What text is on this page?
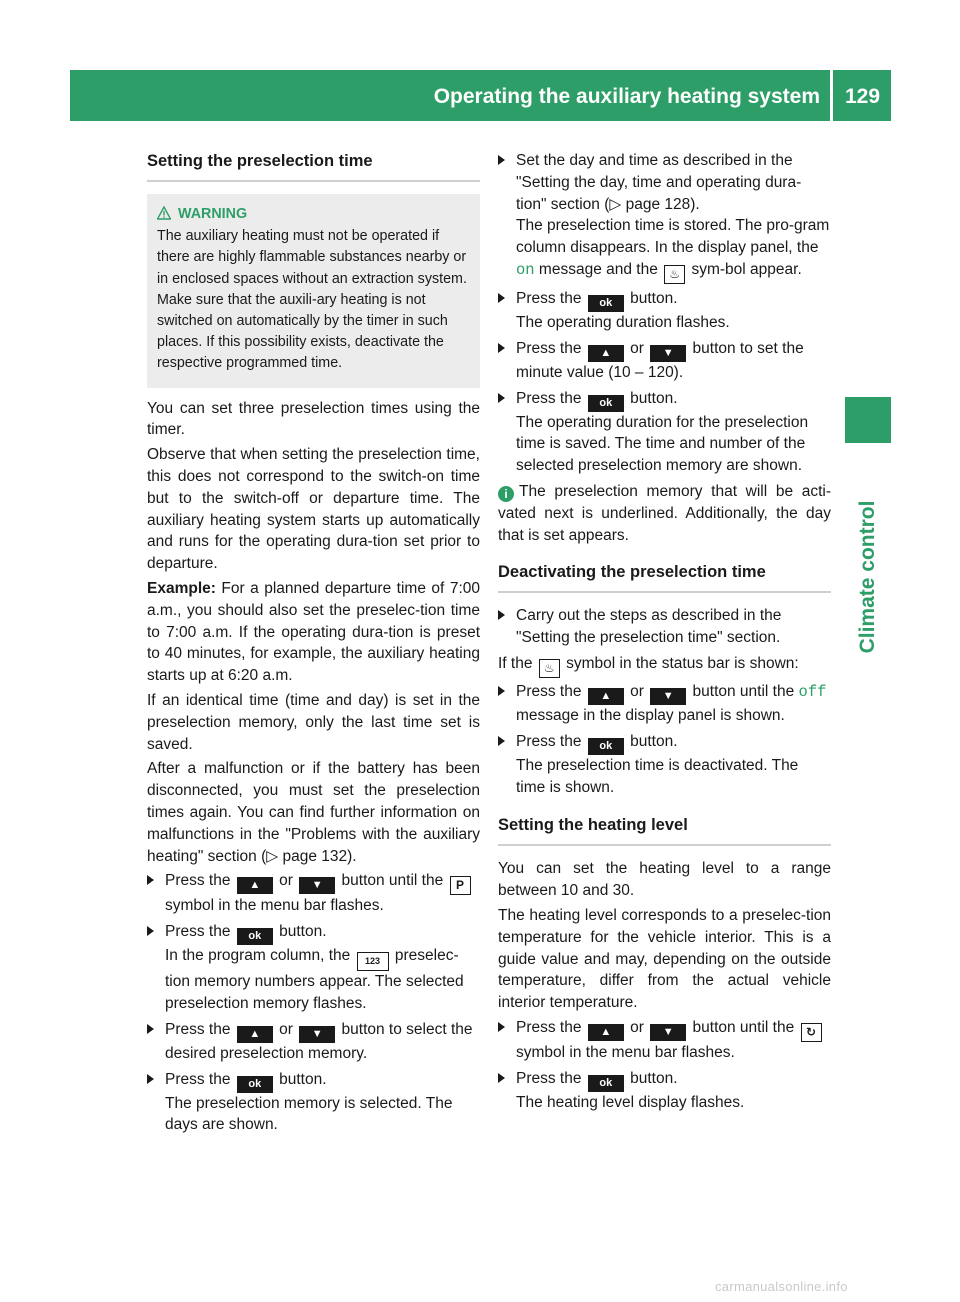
Operating the auxiliary heating system 129
Climate control
Setting the preselection time
WARNING

The auxiliary heating must not be operated if there are highly flammable substances nearby or in enclosed spaces without an extraction system. Make sure that the auxili-ary heating is not switched on automatically by the timer in such places. If this possibility exists, deactivate the respective programmed time.

You can set three preselection times using the timer.

Observe that when setting the preselection time, this does not correspond to the switch-on time but to the switch-off or departure time. The auxiliary heating system starts up automatically and runs for the operating dura-tion set prior to departure.

Example: For a planned departure time of 7:00 a.m., you should also set the preselec-tion time to 7:00 a.m. If the operating dura-tion is preset to 40 minutes, for example, the auxiliary heating starts up at 6:20 a.m.

If an identical time (time and day) is set in the preselection memory, only the last time set is saved.

After a malfunction or if the battery has been disconnected, you must set the preselection times again. You can find further information on malfunctions in the "Problems with the auxiliary heating" section (▷ page 132).

Press the ▲ or ▼ button until the P symbol in the menu bar flashes.
Press the ok button.
In the program column, the 123 preselec-tion memory numbers appear. The selected preselection memory flashes.
Press the ▲ or ▼ button to select the desired preselection memory.
Press the ok button.
The preselection memory is selected. The days are shown.
Set the day and time as described in the "Setting the day, time and operating dura-tion" section (▷ page 128).
The preselection time is stored. The pro-gram column disappears. In the display panel, the on message and the ♨ sym-bol appear.
Press the ok button.
The operating duration flashes.
Press the ▲ or ▼ button to set the minute value (10 – 120).
Press the ok button.
The operating duration for the preselection time is saved. The time and number of the selected preselection memory are shown.

i The preselection memory that will be acti-vated next is underlined. Additionally, the day that is set appears.

Deactivating the preselection time
Carry out the steps as described in the "Setting the preselection time" section.

If the ♨ symbol in the status bar is shown:

Press the ▲ or ▼ button until the off message in the display panel is shown.
Press the ok button.
The preselection time is deactivated. The time is shown.
Setting the heating level

You can set the heating level to a range between 10 and 30.

The heating level corresponds to a preselec-tion temperature for the vehicle interior. This is a guide value and may, depending on the outside temperature, differ from the actual vehicle interior temperature.

Press the ▲ or ▼ button until the ↻ symbol in the menu bar flashes.
Press the ok button.
The heating level display flashes.
carmanualsonline.info
